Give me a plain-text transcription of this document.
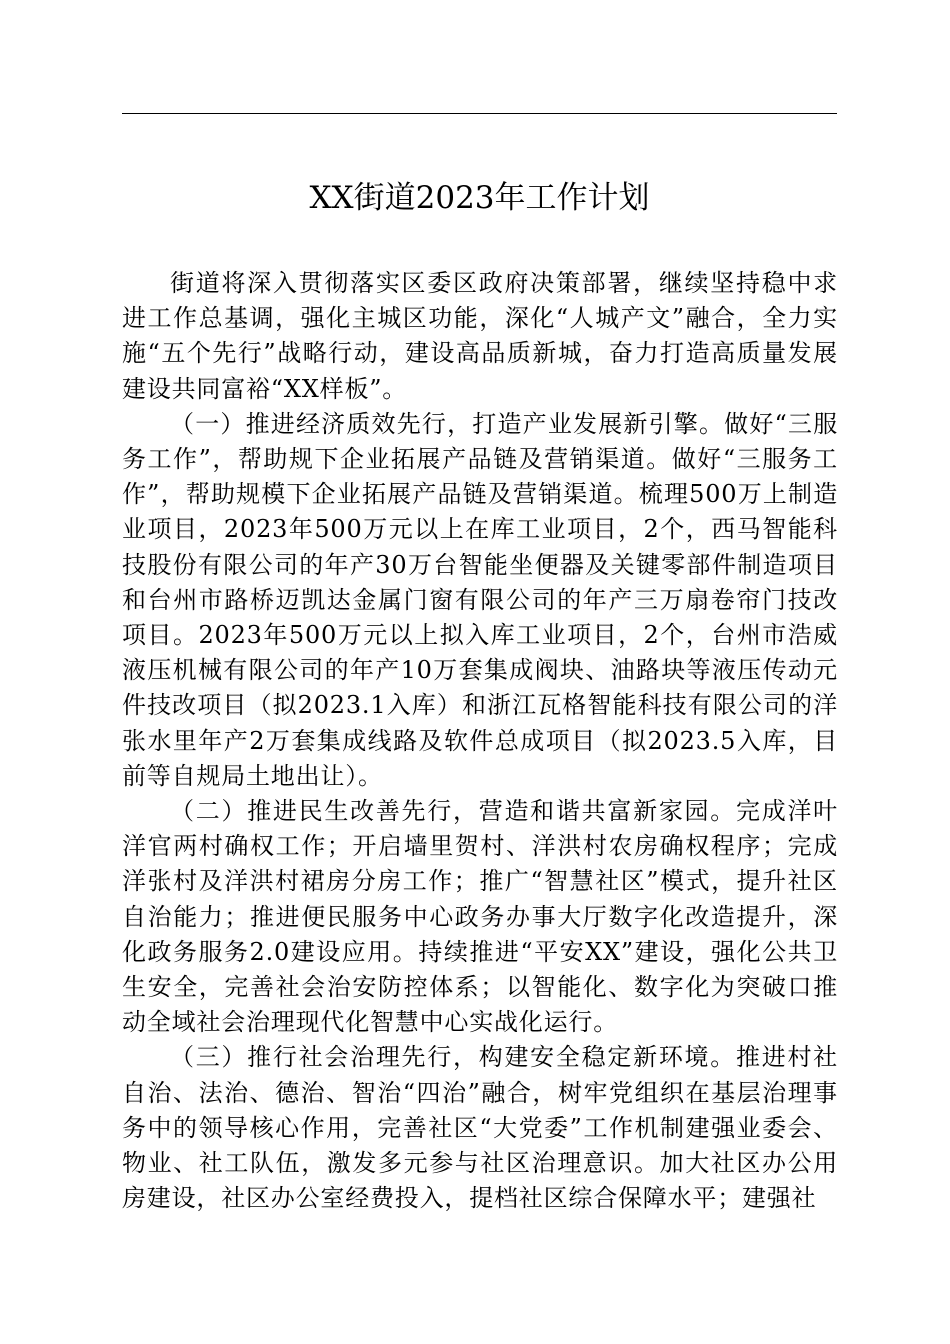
XX街道2023年工作计划

街道将深入贯彻落实区委区政府决策部署，继续坚持稳中求进工作总基调，强化主城区功能，深化“人城产文”融合，全力实施“五个先行”战略行动，建设高品质新城，奋力打造高质量发展建设共同富裕“XX样板”。

（一）推进经济质效先行，打造产业发展新引擎。做好“三服务工作”，帮助规下企业拓展产品链及营销渠道。做好“三服务工作”，帮助规模下企业拓展产品链及营销渠道。梳理500万上制造业项目，2023年500万元以上在库工业项目，2个，西马智能科技股份有限公司的年产30万台智能坐便器及关键零部件制造项目和台州市路桥迈凯达金属门窗有限公司的年产三万扇卷帘门技改项目。2023年500万元以上拟入库工业项目，2个，台州市浩威液压机械有限公司的年产10万套集成阀块、油路块等液压传动元件技改项目（拟2023.1入库）和浙江瓦格智能科技有限公司的洋张水里年产2万套集成线路及软件总成项目（拟2023.5入库，目前等自规局土地出让）。

（二）推进民生改善先行，营造和谐共富新家园。完成洋叶洋官两村确权工作；开启墙里贺村、洋洪村农房确权程序；完成洋张村及洋洪村裙房分房工作；推广“智慧社区”模式，提升社区自治能力；推进便民服务中心政务办事大厅数字化改造提升，深化政务服务2.0建设应用。持续推进“平安XX”建设，强化公共卫生安全，完善社会治安防控体系；以智能化、数字化为突破口推动全域社会治理现代化智慧中心实战化运行。

（三）推行社会治理先行，构建安全稳定新环境。推进村社自治、法治、德治、智治“四治”融合，树牢党组织在基层治理事务中的领导核心作用，完善社区“大党委”工作机制建强业委会、物业、社工队伍，激发多元参与社区治理意识。加大社区办公用房建设，社区办公室经费投入，提档社区综合保障水平；建强社
